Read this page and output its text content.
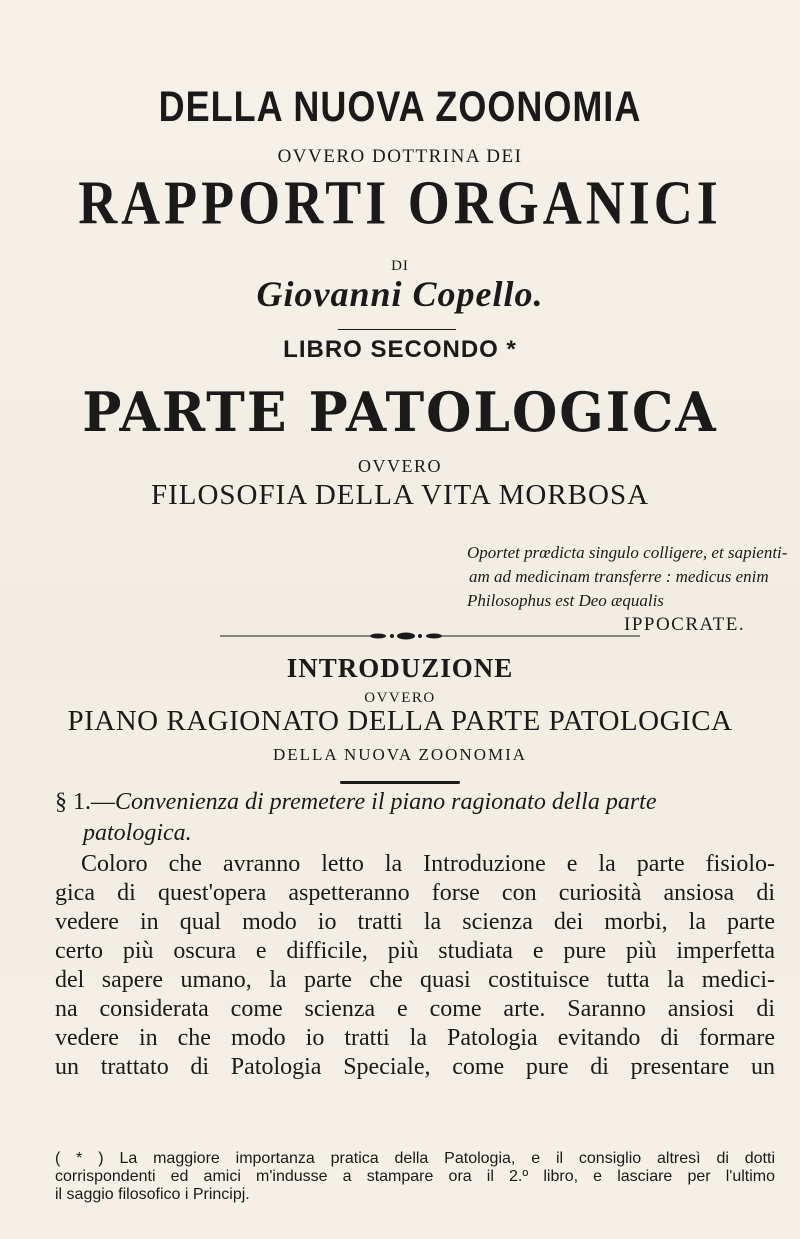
DELLA NUOVA ZOONOMIA
OVVERO DOTTRINA DEI
RAPPORTI ORGANICI
DI
Giovanni Copello.
LIBRO SECONDO *
PARTE PATOLOGICA
OVVERO
FILOSOFIA DELLA VITA MORBOSA
Oportet prœdicta singulo colligere, et sapienti-
am ad medicinam transferre : medicus enim
Philosophus est Deo æqualis
IPPOCRATE.
INTRODUZIONE
OVVERO
PIANO RAGIONATO DELLA PARTE PATOLOGICA
DELLA NUOVA ZOONOMIA
§ 1.—Convenienza di premetere il piano ragionato della parte
patologica.
Coloro che avranno letto la Introduzione e la parte fisiolo-
gica di quest'opera aspetteranno forse con curiosità ansiosa di
vedere in qual modo io tratti la scienza dei morbi, la parte
certo più oscura e difficile, più studiata e pure più imperfetta
del sapere umano, la parte che quasi costituisce tutta la medici-
na considerata come scienza e come arte. Saranno ansiosi di
vedere in che modo io tratti la Patologia evitando di formare
un trattato di Patologia Speciale, come pure di presentare un
( * ) La maggiore importanza pratica della Patologia, e il consiglio altresì di dotti
corrispondenti ed amici m'indusse a stampare ora il 2.º libro, e lasciare per l'ultimo
il saggio filosofico i Principj.
